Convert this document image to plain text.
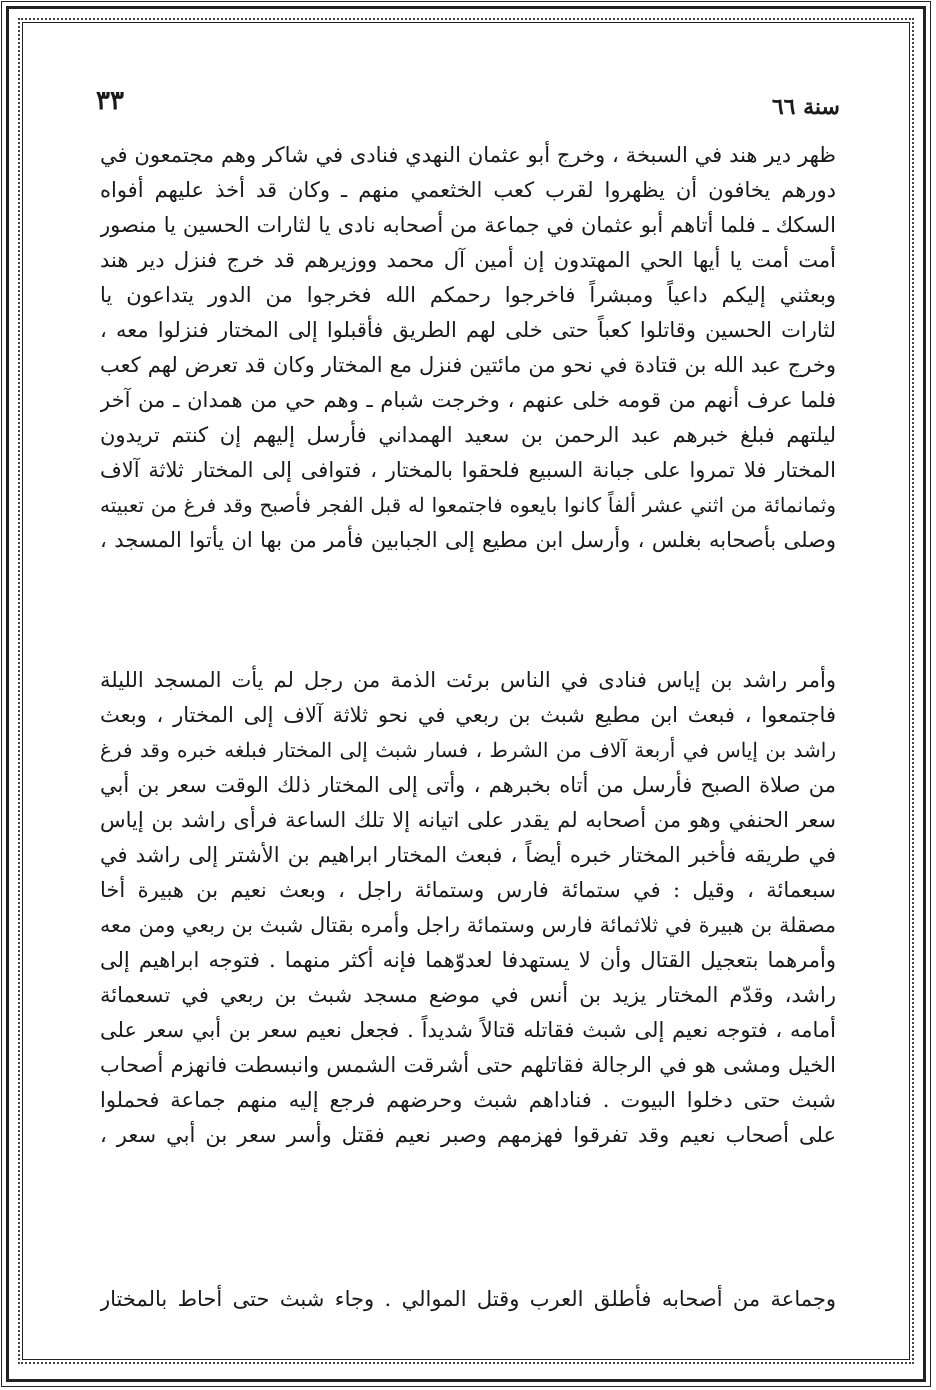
سنة ٦٦
٣٣
ظهر دير هند في السبخة ، وخرج أبو عثمان النهدي فنادى في شاكر وهم مجتمعون في
دورهم يخافون أن يظهروا لقرب كعب الخثعمي منهم ـ وكان قد أخذ عليهم أفواه
السكك ـ فلما أتاهم أبو عثمان في جماعة من أصحابه نادى يا لثارات الحسين يا منصور
أمت أمت يا أيها الحي المهتدون إن أمين آل محمد ووزيرهم قد خرج فنزل دير هند
وبعثني إليكم داعياً ومبشراً فاخرجوا رحمكم الله فخرجوا من الدور يتداعون يا
لثارات الحسين وقاتلوا كعباً حتى خلى لهم الطريق فأقبلوا إلى المختار فنزلوا معه ،
وخرج عبد الله بن قتادة في نحو من مائتين فنزل مع المختار وكان قد تعرض لهم كعب
فلما عرف أنهم من قومه خلى عنهم ، وخرجت شبام ـ وهم حي من همدان ـ من آخر
ليلتهم فبلغ خبرهم عبد الرحمن بن سعيد الهمداني فأرسل إليهم إن كنتم تريدون
المختار فلا تمروا على جبانة السبيع فلحقوا بالمختار ، فتوافى إلى المختار ثلاثة آلاف
وثمانمائة من اثني عشر ألفاً كانوا بايعوه فاجتمعوا له قبل الفجر فأصبح وقد فرغ من تعبيته
وصلى بأصحابه بغلس ، وأرسل ابن مطيع إلى الجبابين فأمر من بها ان يأتوا المسجد ،
وأمر راشد بن إياس فنادى في الناس برئت الذمة من رجل لم يأت المسجد الليلة
فاجتمعوا ، فبعث ابن مطيع شبث بن ربعي في نحو ثلاثة آلاف إلى المختار ، وبعث
راشد بن إياس في أربعة آلاف من الشرط ، فسار شبث إلى المختار فبلغه خبره وقد فرغ
من صلاة الصبح فأرسل من أتاه بخبرهم ، وأتى إلى المختار ذلك الوقت سعر بن أبي
سعر الحنفي وهو من أصحابه لم يقدر على اتيانه إلا تلك الساعة فرأى راشد بن إياس
في طريقه فأخبر المختار خبره أيضاً ، فبعث المختار ابراهيم بن الأشتر إلى راشد في
سبعمائة ، وقيل : في ستمائة فارس وستمائة راجل ، وبعث نعيم بن هبيرة أخا
مصقلة بن هبيرة في ثلاثمائة فارس وستمائة راجل وأمره بقتال شبث بن ربعي ومن معه
وأمرهما بتعجيل القتال وأن لا يستهدفا لعدوّهما فإنه أكثر منهما . فتوجه ابراهيم إلى
راشد، وقدّم المختار يزيد بن أنس في موضع مسجد شبث بن ربعي في تسعمائة
أمامه ، فتوجه نعيم إلى شبث فقاتله قتالاً شديداً . فجعل نعيم سعر بن أبي سعر على
الخيل ومشى هو في الرجالة فقاتلهم حتى أشرقت الشمس وانبسطت فانهزم أصحاب
شبث حتى دخلوا البيوت . فناداهم شبث وحرضهم فرجع إليه منهم جماعة فحملوا
على أصحاب نعيم وقد تفرقوا فهزمهم وصبر نعيم فقتل وأسر سعر بن أبي سعر ،
وجماعة من أصحابه فأطلق العرب وقتل الموالي . وجاء شبث حتى أحاط بالمختار
